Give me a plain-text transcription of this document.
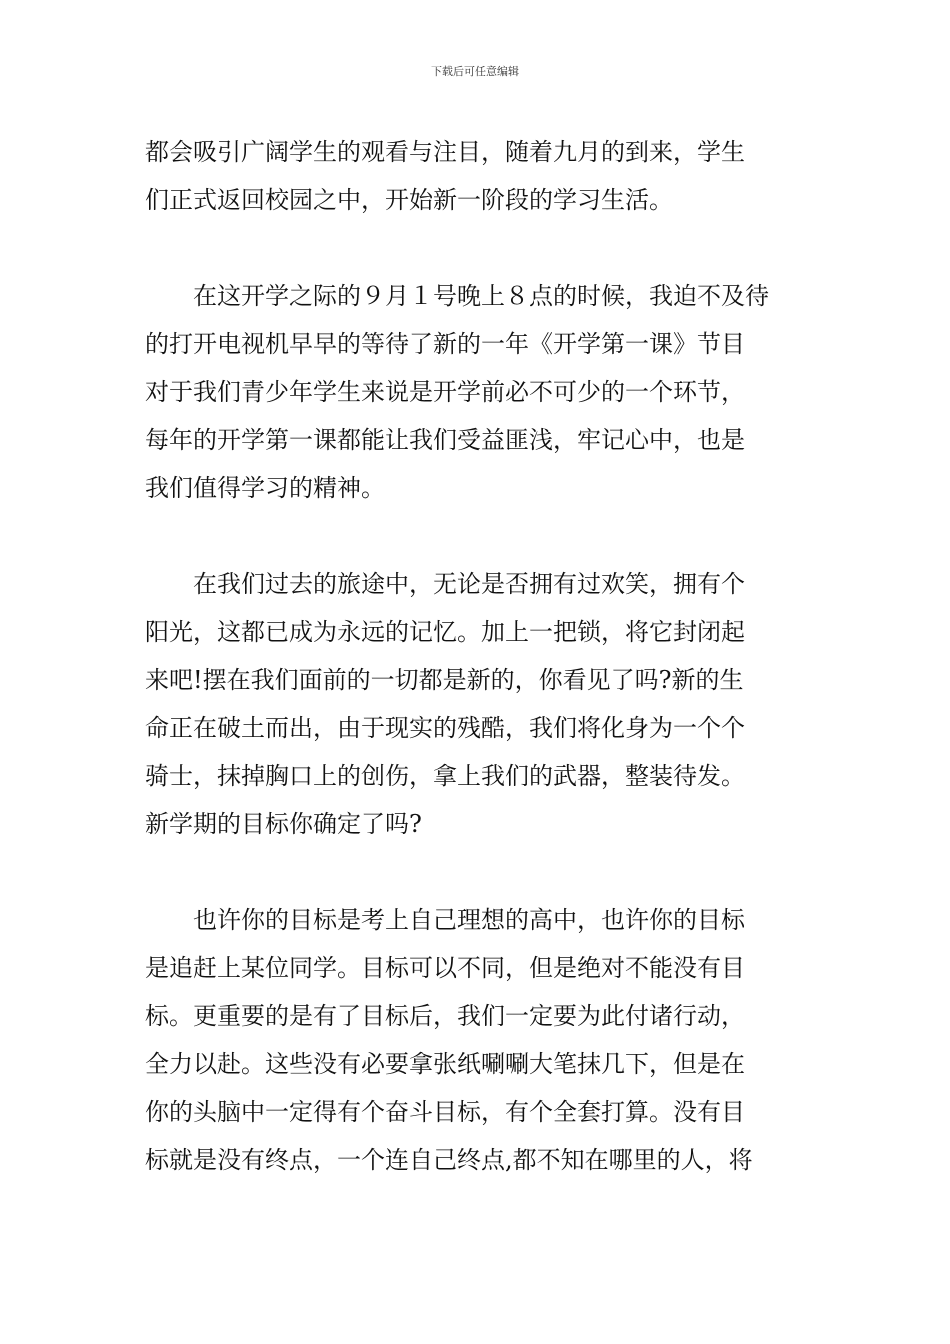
下载后可任意编辑
都会吸引广阔学生的观看与注目，随着九月的到来，学生
们正式返回校园之中，开始新一阶段的学习生活。
　　在这开学之际的９月１号晚上８点的时候，我迫不及待
的打开电视机早早的等待了新的一年《开学第一课》节目
对于我们青少年学生来说是开学前必不可少的一个环节，
每年的开学第一课都能让我们受益匪浅，牢记心中，也是
我们值得学习的精神。
　　在我们过去的旅途中，无论是否拥有过欢笑，拥有个
阳光，这都已成为永远的记忆。加上一把锁，将它封闭起
来吧!摆在我们面前的一切都是新的，你看见了吗?新的生
命正在破土而出，由于现实的残酷，我们将化身为一个个
骑士，抹掉胸口上的创伤，拿上我们的武器，整装待发。
新学期的目标你确定了吗?
　　也许你的目标是考上自己理想的高中，也许你的目标
是追赶上某位同学。目标可以不同，但是绝对不能没有目
标。更重要的是有了目标后，我们一定要为此付诸行动，
全力以赴。这些没有必要拿张纸唰唰大笔抹几下，但是在
你的头脑中一定得有个奋斗目标，有个全套打算。没有目
标就是没有终点，一个连自己终点,都不知在哪里的人，将
